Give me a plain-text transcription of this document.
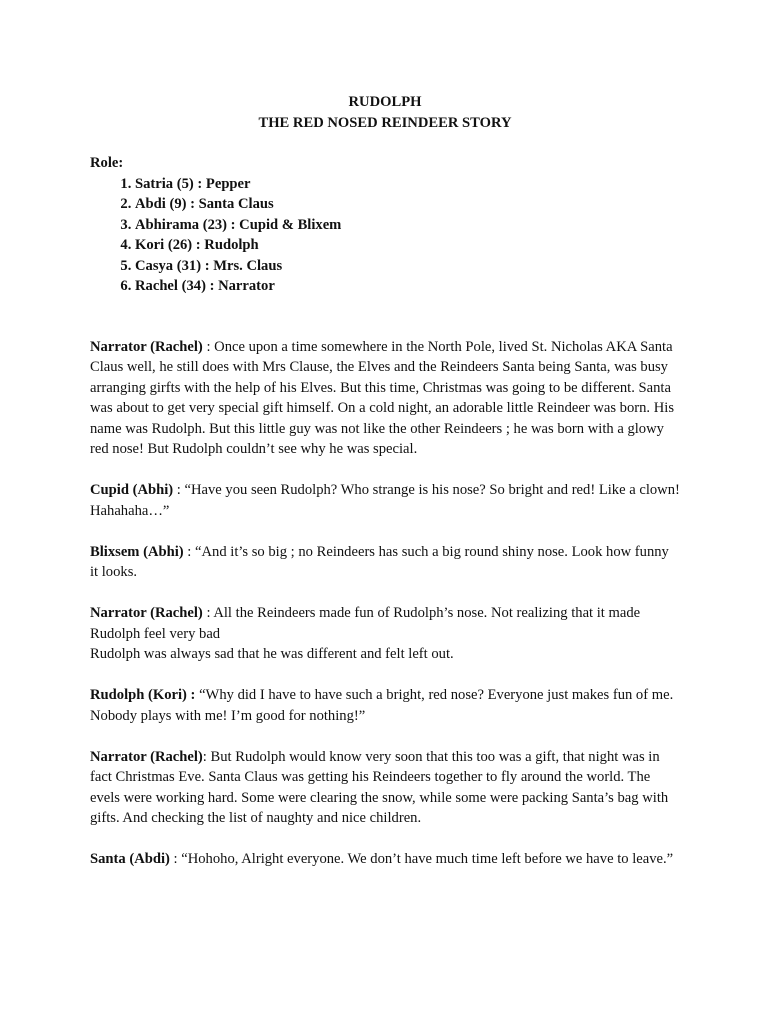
RUDOLPH

THE RED NOSED REINDEER STORY

Role:
1. Satria (5) : Pepper
2. Abdi (9) : Santa Claus
3. Abhirama (23) : Cupid & Blixem
4. Kori (26) : Rudolph
5. Casya (31) : Mrs. Claus
6. Rachel (34) : Narrator

Narrator (Rachel) : Once upon a time somewhere in the North Pole, lived St. Nicholas AKA Santa Claus well, he still does with Mrs Clause, the Elves and the Reindeers Santa being Santa, was busy arranging girfts with the help of his Elves. But this time, Christmas was going to be different. Santa was about to get very special gift himself. On a cold night, an adorable little Reindeer was born. His name was Rudolph. But this little guy was not like the other Reindeers ; he was born with a glowy red nose! But Rudolph couldn’t see why he was special.

Cupid (Abhi) : “Have you seen Rudolph? Who strange is his nose? So bright and red! Like a clown! Hahahaha…”

Blixsem (Abhi) : “And it’s so big ; no Reindeers has such a big round shiny nose. Look how funny it looks.

Narrator (Rachel) : All the Reindeers made fun of Rudolph’s nose. Not realizing that it made Rudolph feel very bad
Rudolph was always sad that he was different and felt left out.

Rudolph (Kori) : “Why did I have to have such a bright, red nose? Everyone just makes fun of me. Nobody plays with me! I’m good for nothing!”

Narrator (Rachel): But Rudolph would know very soon that this too was a gift, that night was in fact Christmas Eve. Santa Claus was getting his Reindeers together to fly around the world. The evels were working hard. Some were clearing the snow, while some were packing Santa’s bag with gifts. And checking the list of naughty and nice children.

Santa (Abdi) : “Hohoho, Alright everyone. We don’t have much time left before we have to leave.”
